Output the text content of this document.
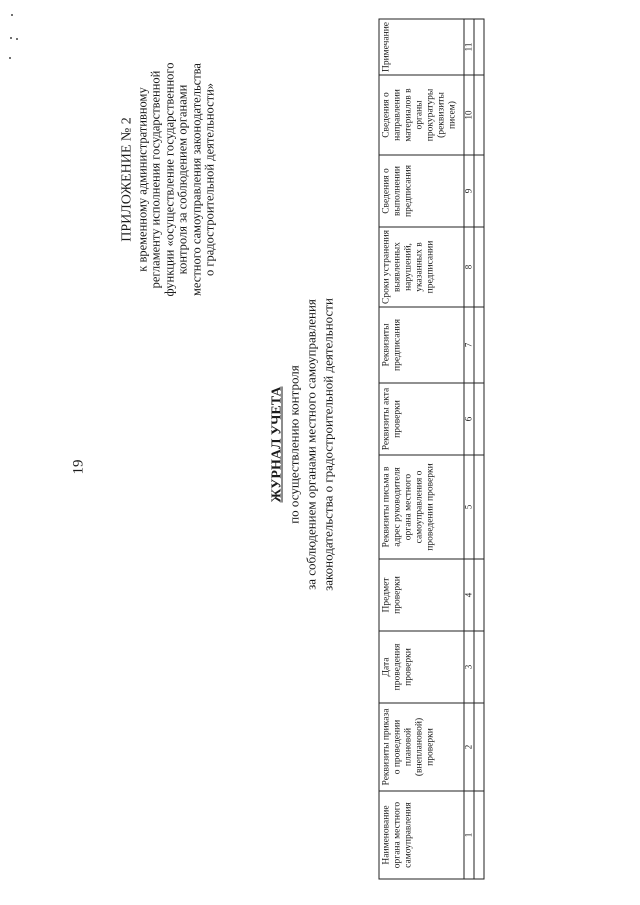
19
ПРИЛОЖЕНИЕ № 2 к временному административному регламенту исполнения государственной функции «осуществление государственного контроля за соблюдением органами местного самоуправления законодательства о градостроительной деятельности»
ЖУРНАЛ УЧЕТА по осуществлению контроля за соблюдением органами местного самоуправления законодательства о градостроительной деятельности
Наименование органа местного самоуправления	Реквизиты приказа о проведении плановой (внеплановой) проверки	Дата проведения проверки	Предмет проверки	Реквизиты письма в адрес руководителя органа местного самоуправления о проведении проверки	Реквизиты акта проверки	Реквизиты предписания	Сроки устранения выявленных нарушений, указанных в предписании	Сведения о выполнении предписания	Сведения о направлении материалов в органы прокуратуры (реквизиты писем)	Примечание
1	2	3	4	5	6	7	8	9	10	11
